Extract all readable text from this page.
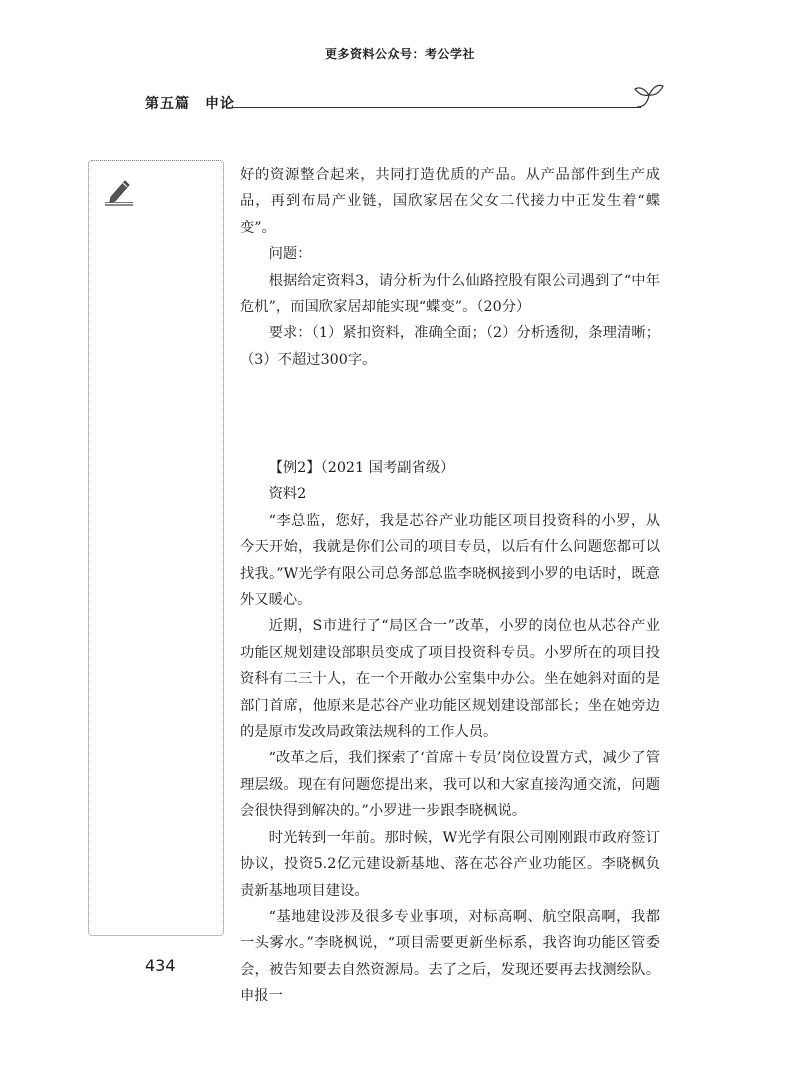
更多资料公众号：考公学社
第五篇　申论

好的资源整合起来，共同打造优质的产品。从产品部件到生产成品，再到布局产业链，国欣家居在父女二代接力中正发生着“蝶变”。

问题：

根据给定资料3，请分析为什么仙路控股有限公司遇到了“中年危机”，而国欣家居却能实现“蝶变”。（20分）

要求：（1）紧扣资料，准确全面；（2）分析透彻，条理清晰；（3）不超过300字。

【例2】（2021 国考副省级）

资料2

“李总监，您好，我是芯谷产业功能区项目投资科的小罗，从今天开始，我就是你们公司的项目专员，以后有什么问题您都可以找我。”W光学有限公司总务部总监李晓枫接到小罗的电话时，既意外又暖心。

近期，S市进行了“局区合一”改革，小罗的岗位也从芯谷产业功能区规划建设部职员变成了项目投资科专员。小罗所在的项目投资科有二三十人，在一个开敞办公室集中办公。坐在她斜对面的是部门首席，他原来是芯谷产业功能区规划建设部部长；坐在她旁边的是原市发改局政策法规科的工作人员。

“改革之后，我们探索了‘首席＋专员’岗位设置方式，减少了管理层级。现在有问题您提出来，我可以和大家直接沟通交流，问题会很快得到解决的。”小罗进一步跟李晓枫说。

时光转到一年前。那时候，W光学有限公司刚刚跟市政府签订协议，投资5.2亿元建设新基地、落在芯谷产业功能区。李晓枫负责新基地项目建设。

“基地建设涉及很多专业事项，对标高啊、航空限高啊，我都一头雾水。”李晓枫说，“项目需要更新坐标系，我咨询功能区管委会，被告知要去自然资源局。去了之后，发现还要再去找测绘队。申报一

434
